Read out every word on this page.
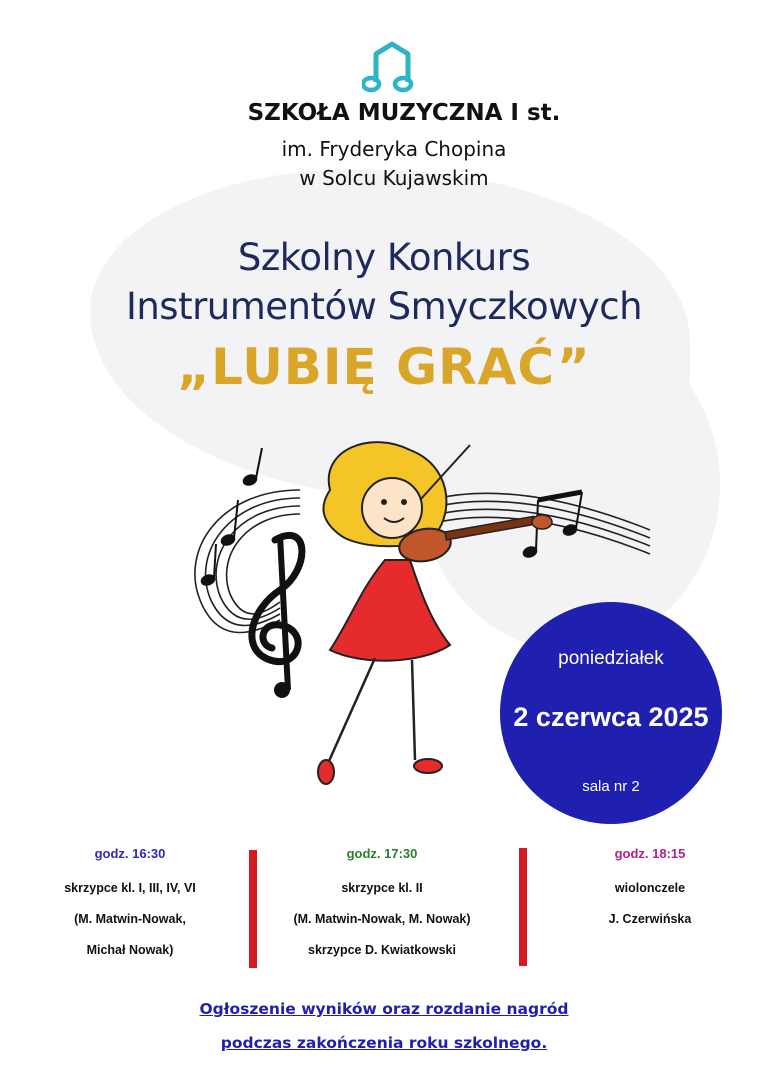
SZKOŁA MUZYCZNA I st.
im. Fryderyka Chopina
w Solcu Kujawskim
Szkolny Konkurs
Instrumentów Smyczkowych
„LUBIĘ GRAĆ”
poniedziałek
2 czerwca 2025
sala nr 2
godz. 16:30
skrzypce kl. I, III, IV, VI
(M. Matwin-Nowak,
Michał Nowak)
godz. 17:30
skrzypce kl. II
(M. Matwin-Nowak, M. Nowak)
skrzypce D. Kwiatkowski
godz. 18:15
wiolonczele
J. Czerwińska
Ogłoszenie wyników oraz rozdanie nagród
podczas zakończenia roku szkolnego.
